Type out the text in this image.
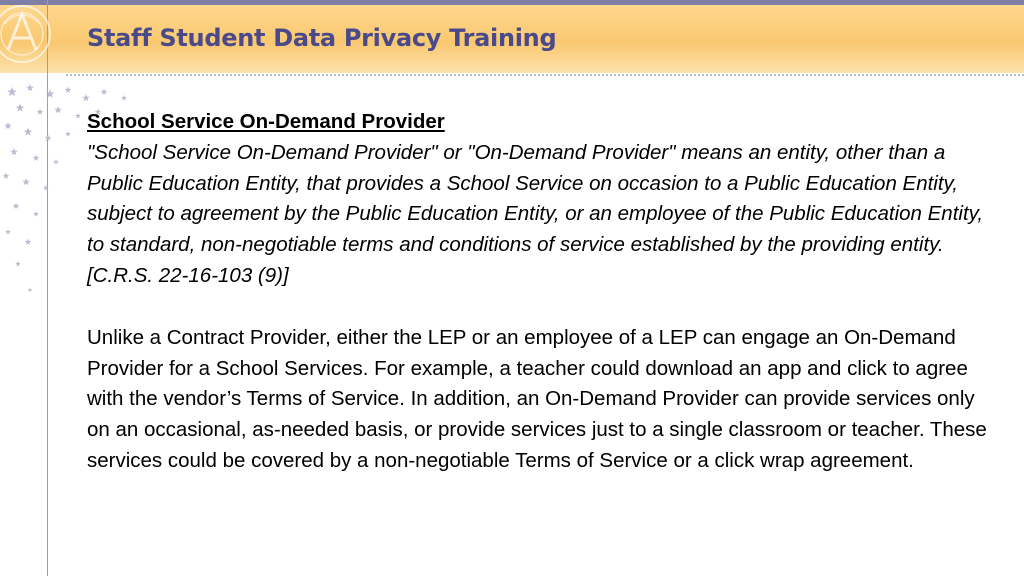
Staff Student Data Privacy Training

School Service On-Demand Provider

"School Service On-Demand Provider" or "On-Demand Provider" means an entity, other than a Public Education Entity, that provides a School Service on occasion to a Public Education Entity, subject to agreement by the Public Education Entity, or an employee of the Public Education Entity, to standard, non-negotiable terms and conditions of service established by the providing entity. [C.R.S. 22-16-103 (9)]

Unlike a Contract Provider, either the LEP or an employee of a LEP can engage an On-Demand Provider for a School Services. For example, a teacher could download an app and click to agree with the vendor’s Terms of Service. In addition, an On-Demand Provider can provide services only on an occasional, as-needed basis, or provide services just to a single classroom or teacher. These services could be covered by a non-negotiable Terms of Service or a click wrap agreement.
